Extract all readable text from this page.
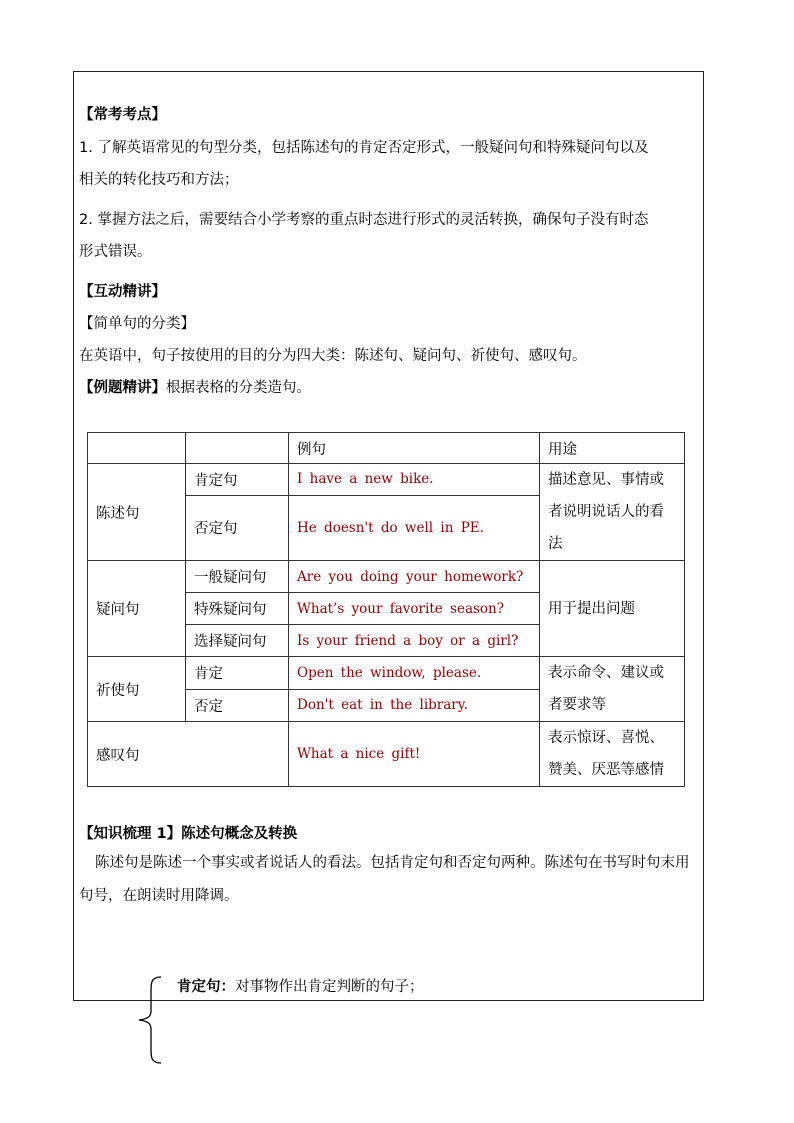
【常考考点】
1. 了解英语常见的句型分类，包括陈述句的肯定否定形式，一般疑问句和特殊疑问句以及
相关的转化技巧和方法；
2. 掌握方法之后，需要结合小学考察的重点时态进行形式的灵活转换，确保句子没有时态
形式错误。
【互动精讲】
【简单句的分类】
在英语中，句子按使用的目的分为四大类：陈述句、疑问句、祈使句、感叹句。
【例题精讲】根据表格的分类造句。
		例句	用途
陈述句	肯定句	I have a new bike.	描述意见、事情或者说明说话人的看法
	否定句	He doesn't do well in PE.	
疑问句	一般疑问句	Are you doing your homework?	用于提出问题
	特殊疑问句	What’s your favorite season?	
	选择疑问句	Is your friend a boy or a girl?	
祈使句	肯定	Open the window, please.	表示命令、建议或者要求等
	否定	Don't eat in the library.	
感叹句		What a nice gift!	表示惊讶、喜悦、赞美、厌恶等感情
【知识梳理 1】陈述句概念及转换
陈述句是陈述一个事实或者说话人的看法。包括肯定句和否定句两种。陈述句在书写时句末用句号，在朗读时用降调。
肯定句：对事物作出肯定判断的句子；
